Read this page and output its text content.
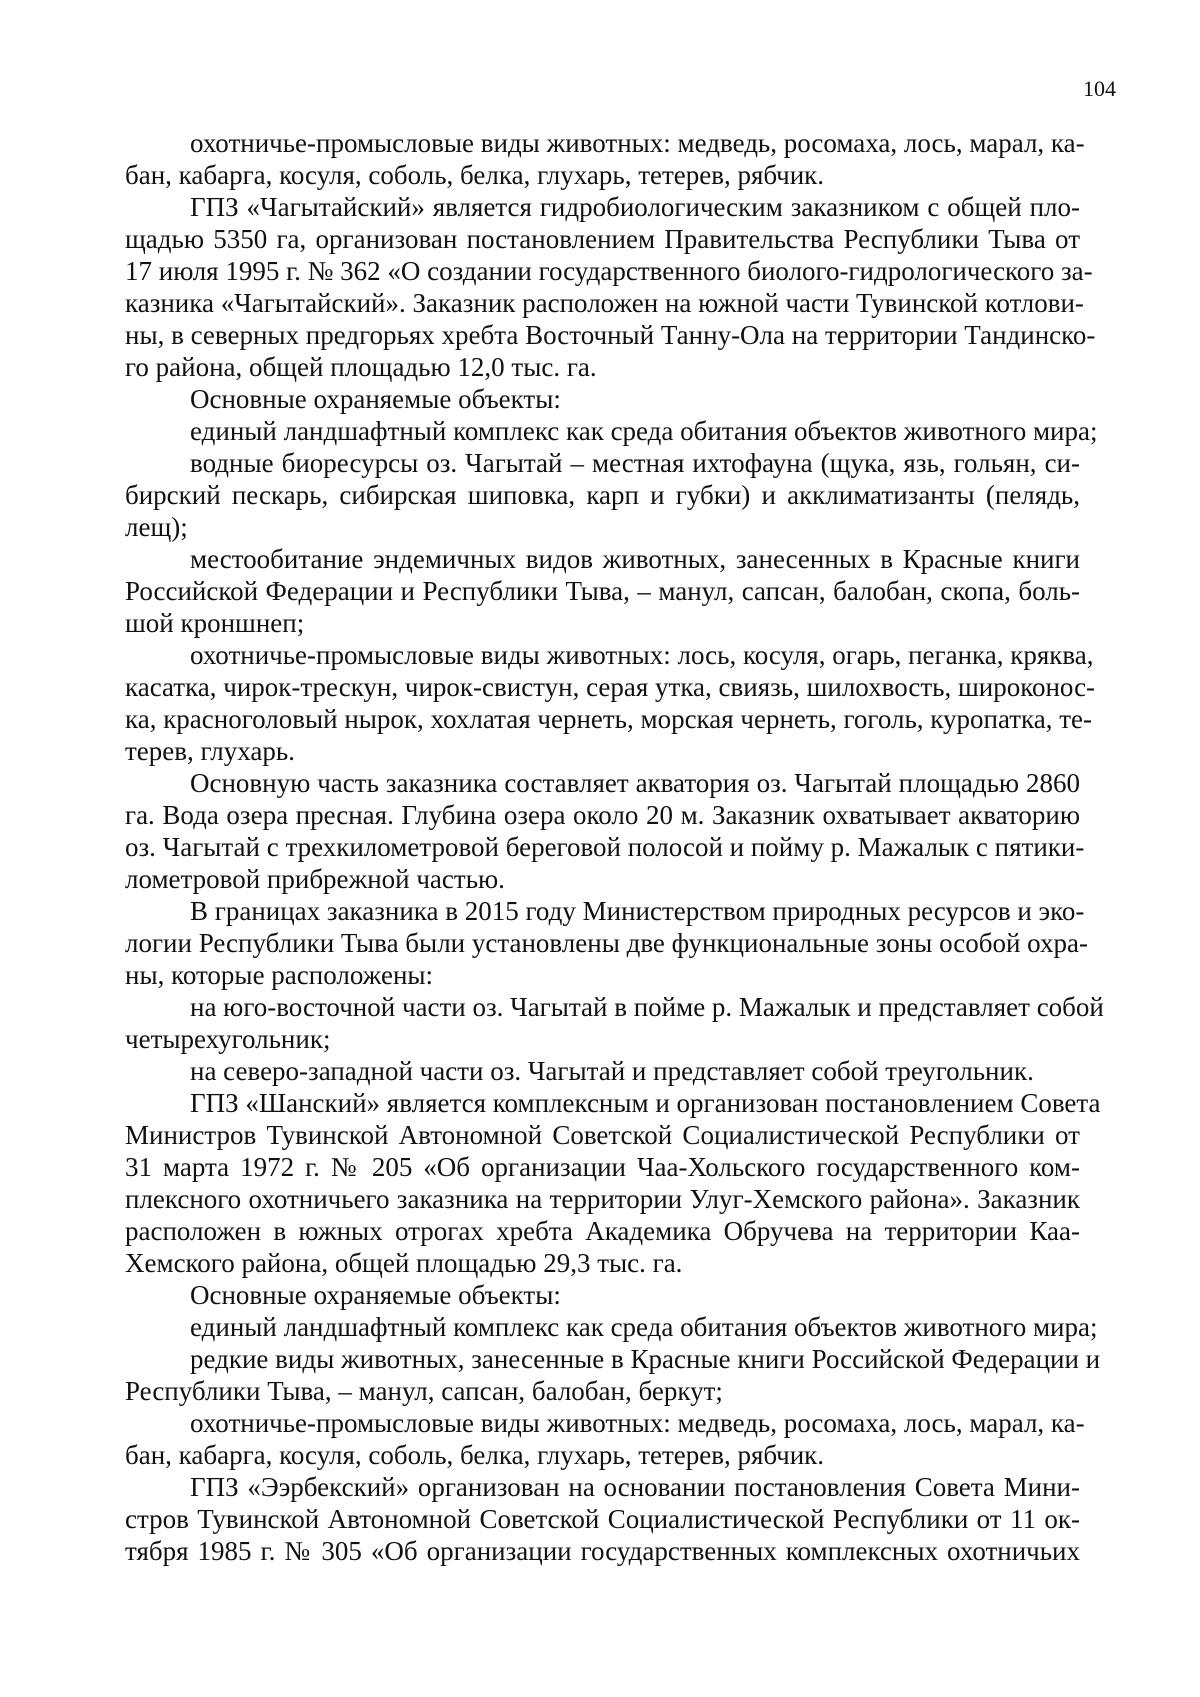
104
охотничье-промысловые виды животных: медведь, росомаха, лось, марал, ка-
бан, кабарга, косуля, соболь, белка, глухарь, тетерев, рябчик.
ГПЗ «Чагытайский» является гидробиологическим заказником с общей пло-
щадью 5350 га, организован постановлением Правительства Республики Тыва от
17 июля 1995 г. № 362 «О создании государственного биолого-гидрологического за-
казника «Чагытайский». Заказник расположен на южной части Тувинской котлови-
ны, в северных предгорьях хребта Восточный Танну-Ола на территории Тандинско-
го района, общей площадью 12,0 тыс. га.
Основные охраняемые объекты:
единый ландшафтный комплекс как среда обитания объектов животного мира;
водные биоресурсы оз. Чагытай – местная ихтофауна (щука, язь, гольян, си-
бирский пескарь, сибирская шиповка, карп и губки) и акклиматизанты (пелядь,
лещ);
местообитание эндемичных видов животных, занесенных в Красные книги
Российской Федерации и Республики Тыва, – манул, сапсан, балобан, скопа, боль-
шой кроншнеп;
охотничье-промысловые виды животных: лось, косуля, огарь, пеганка, кряква,
касатка, чирок-трескун, чирок-свистун, серая утка, свиязь, шилохвость, широконос-
ка, красноголовый нырок, хохлатая чернеть, морская чернеть, гоголь, куропатка, те-
терев, глухарь.
Основную часть заказника составляет акватория оз. Чагытай площадью 2860
га. Вода озера пресная. Глубина озера около 20 м. Заказник охватывает акваторию
оз. Чагытай с трехкилометровой береговой полосой и пойму р. Мажалык с пятики-
лометровой прибрежной частью.
В границах заказника в 2015 году Министерством природных ресурсов и эко-
логии Республики Тыва были установлены две функциональные зоны особой охра-
ны, которые расположены:
на юго-восточной части оз. Чагытай в пойме р. Мажалык и представляет собой
четырехугольник;
на северо-западной части оз. Чагытай и представляет собой треугольник.
ГПЗ «Шанский» является комплексным и организован постановлением Совета
Министров Тувинской Автономной Советской Социалистической Республики от
31 марта 1972 г. № 205 «Об организации Чаа-Хольского государственного ком-
плексного охотничьего заказника на территории Улуг-Хемского района». Заказник
расположен в южных отрогах хребта Академика Обручева на территории Каа-
Хемского района, общей площадью 29,3 тыс. га.
Основные охраняемые объекты:
единый ландшафтный комплекс как среда обитания объектов животного мира;
редкие виды животных, занесенные в Красные книги Российской Федерации и
Республики Тыва, – манул, сапсан, балобан, беркут;
охотничье-промысловые виды животных: медведь, росомаха, лось, марал, ка-
бан, кабарга, косуля, соболь, белка, глухарь, тетерев, рябчик.
ГПЗ «Ээрбекский» организован на основании постановления Совета Мини-
стров Тувинской Автономной Советской Социалистической Республики от 11 ок-
тября 1985 г. № 305 «Об организации государственных комплексных охотничьих
